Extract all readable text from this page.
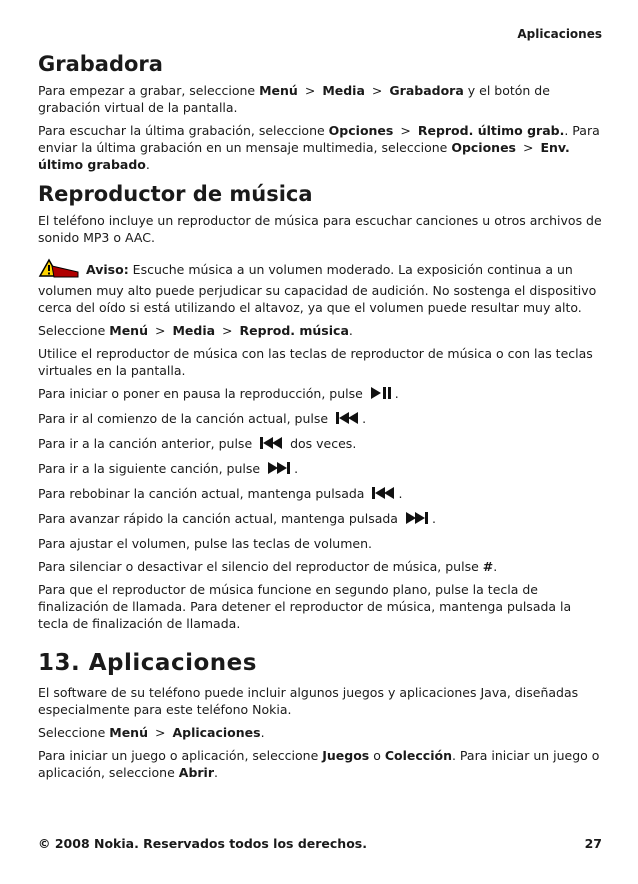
Aplicaciones
Grabadora

Para empezar a grabar, seleccione Menú > Media > Grabadora y el botón de grabación virtual de la pantalla.

Para escuchar la última grabación, seleccione Opciones > Reprod. último grab.. Para enviar la última grabación en un mensaje multimedia, seleccione Opciones > Env. último grabado.

Reproductor de música

El teléfono incluye un reproductor de música para escuchar canciones u otros archivos de sonido MP3 o AAC.

Aviso: Escuche música a un volumen moderado. La exposición continua a un volumen muy alto puede perjudicar su capacidad de audición. No sostenga el dispositivo cerca del oído si está utilizando el altavoz, ya que el volumen puede resultar muy alto.

Seleccione Menú > Media > Reprod. música.

Utilice el reproductor de música con las teclas de reproductor de música o con las teclas virtuales en la pantalla.

Para iniciar o poner en pausa la reproducción, pulse .

Para ir al comienzo de la canción actual, pulse .

Para ir a la canción anterior, pulse  dos veces.

Para ir a la siguiente canción, pulse .

Para rebobinar la canción actual, mantenga pulsada .

Para avanzar rápido la canción actual, mantenga pulsada .

Para ajustar el volumen, pulse las teclas de volumen.

Para silenciar o desactivar el silencio del reproductor de música, pulse #.

Para que el reproductor de música funcione en segundo plano, pulse la tecla de finalización de llamada. Para detener el reproductor de música, mantenga pulsada la tecla de finalización de llamada.

13. Aplicaciones

El software de su teléfono puede incluir algunos juegos y aplicaciones Java, diseñadas especialmente para este teléfono Nokia.

Seleccione Menú > Aplicaciones.

Para iniciar un juego o aplicación, seleccione Juegos o Colección. Para iniciar un juego o aplicación, seleccione Abrir.

© 2008 Nokia. Reservados todos los derechos.	27
